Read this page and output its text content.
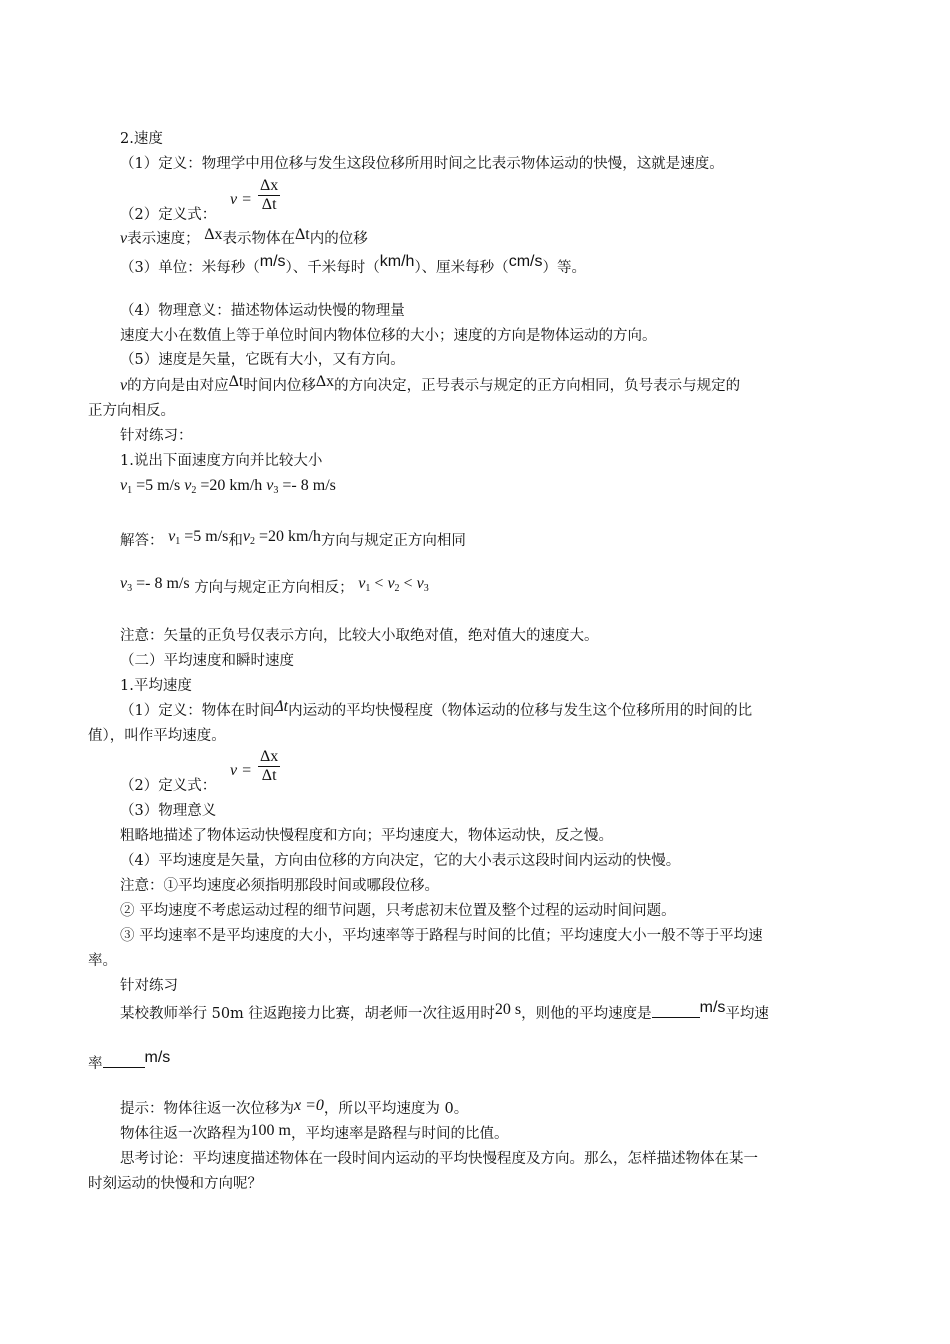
2.速度
（1）定义：物理学中用位移与发生这段位移所用时间之比表示物体运动的快慢，这就是速度。
（2）定义式：
$v = \frac{\Delta x}{\Delta t}$
v表示速度； Δx表示物体在Δt内的位移
（3）单位：米每秒（m/s）、千米每时（km/h）、厘米每秒（cm/s）等。
（4）物理意义：描述物体运动快慢的物理量
速度大小在数值上等于单位时间内物体位移的大小；速度的方向是物体运动的方向。
（5）速度是矢量，它既有大小，又有方向。
v的方向是由对应Δt时间内位移Δx的方向决定，正号表示与规定的正方向相同，负号表示与规定的
正方向相反。
针对练习：
1.说出下面速度方向并比较大小
$v_1 =5$ m/s $v_2 =20$ km/h $v_3 =- 8$ m/s
解答： $v_1 =5$ m/s和$v_2 =20$ km/h方向与规定正方向相同
$v_3 =- 8$ m/s 方向与规定正方向相反； $v_1 < v_2 < v_3$
注意：矢量的正负号仅表示方向，比较大小取绝对值，绝对值大的速度大。
（二）平均速度和瞬时速度
1.平均速度
（1）定义：物体在时间Δt内运动的平均快慢程度（物体运动的位移与发生这个位移所用的时间的比
值），叫作平均速度。
（2）定义式：
$v = \frac{\Delta x}{\Delta t}$
（3）物理意义
粗略地描述了物体运动快慢程度和方向；平均速度大，物体运动快，反之慢。
（4）平均速度是矢量，方向由位移的方向决定，它的大小表示这段时间内运动的快慢。
注意：①平均速度必须指明那段时间或哪段位移。
② 平均速度不考虑运动过程的细节问题，只考虑初末位置及整个过程的运动时间问题。
③ 平均速率不是平均速度的大小，平均速率等于路程与时间的比值；平均速度大小一般不等于平均速
率。
针对练习
某校教师举行 50m 往返跑接力比赛，胡老师一次往返用时20 s，则他的平均速度是	m/s平均速
率	m/s
提示：物体往返一次位移为x =0，所以平均速度为 0。
物体往返一次路程为100 m，平均速率是路程与时间的比值。
思考讨论：平均速度描述物体在一段时间内运动的平均快慢程度及方向。那么，怎样描述物体在某一
时刻运动的快慢和方向呢？
